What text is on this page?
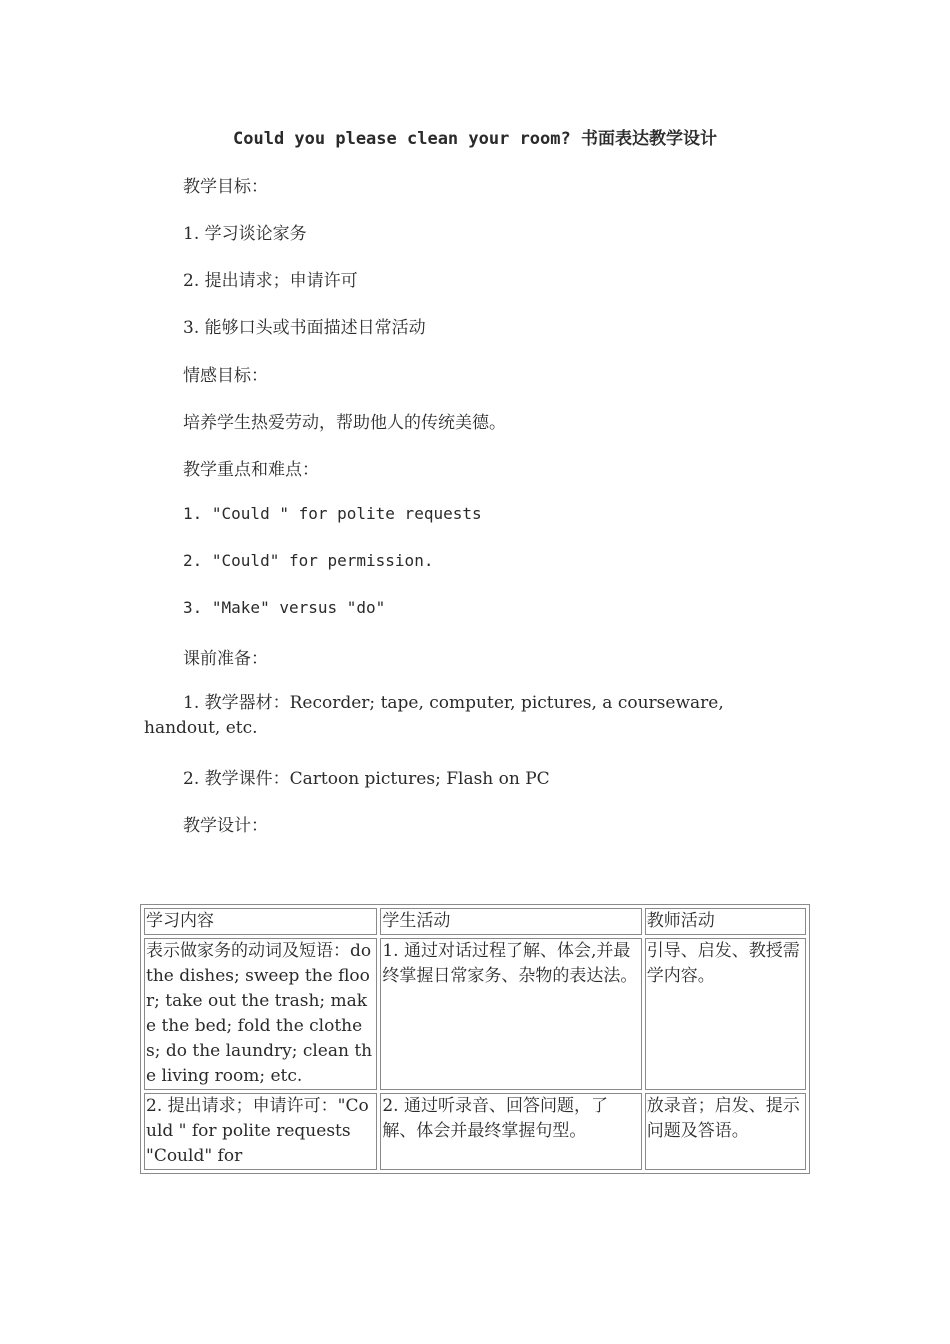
Could you please clean your room? 书面表达教学设计
教学目标：
1. 学习谈论家务
2. 提出请求；申请许可
3. 能够口头或书面描述日常活动
情感目标：
培养学生热爱劳动，帮助他人的传统美德。
教学重点和难点：
1. "Could " for polite requests
2. "Could" for permission.
3. "Make" versus "do"
课前准备：
1. 教学器材：Recorder; tape, computer, pictures, a courseware, handout, etc.
2. 教学课件：Cartoon pictures; Flash on PC
教学设计：
学习内容	学生活动	教师活动
表示做家务的动词及短语：do the dishes; sweep the floor; take out the trash; make the bed; fold the clothes; do the laundry; clean the living room; etc.	1. 通过对话过程了解、体会,并最终掌握日常家务、杂物的表达法。	引导、启发、教授需学内容。

2. 提出请求；申请许可："Could " for polite requests "Could" for	2. 通过听录音、回答问题，了解、体会并最终掌握句型。	放录音；启发、提示问题及答语。
